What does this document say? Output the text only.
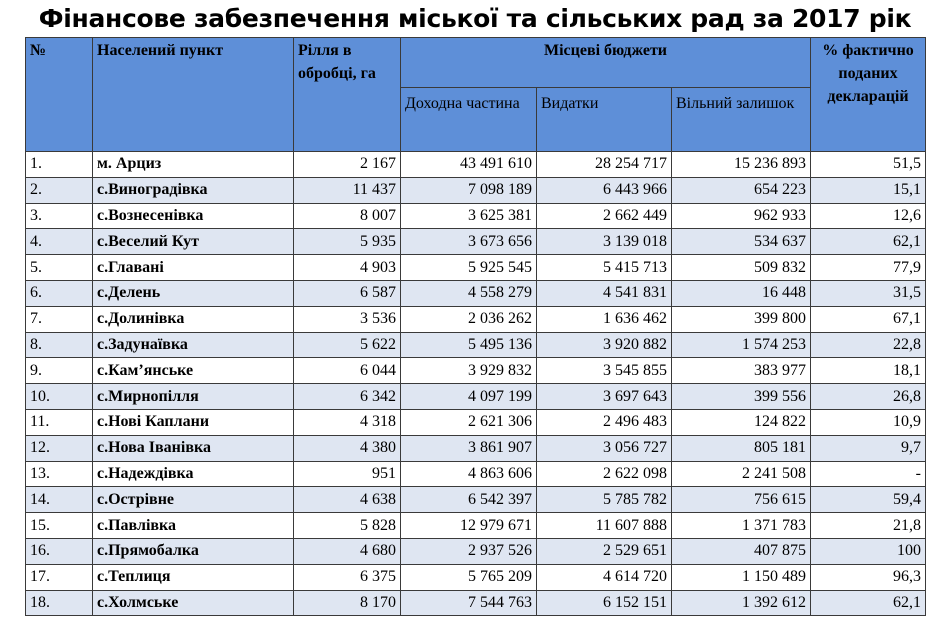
Фінансове забезпечення міської та сільських рад за 2017 рік
№	Населений пункт	Рілля в обробці, га	Місцеві бюджети			% фактично поданих декларацій
			Доходна частина	Видатки	Вільний залишок	
1.	м. Арциз	2 167	43 491 610	28 254 717	15 236 893	51,5
2.	с.Виноградівка	11 437	7 098 189	6 443 966	654 223	15,1
3.	с.Вознесенівка	8 007	3 625 381	2 662 449	962 933	12,6
4.	с.Веселий Кут	5 935	3 673 656	3 139 018	534 637	62,1
5.	с.Главані	4 903	5 925 545	5 415 713	509 832	77,9
6.	с.Делень	6 587	4 558 279	4 541 831	16 448	31,5
7.	с.Долинівка	3 536	2 036 262	1 636 462	399 800	67,1
8.	с.Задунаївка	5 622	5 495 136	3 920 882	1 574 253	22,8
9.	с.Кам’янське	6 044	3 929 832	3 545 855	383 977	18,1
10.	с.Мирнопілля	6 342	4 097 199	3 697 643	399 556	26,8
11.	с.Нові Каплани	4 318	2 621 306	2 496 483	124 822	10,9
12.	с.Нова Іванівка	4 380	3 861 907	3 056 727	805 181	9,7
13.	с.Надеждівка	951	4 863 606	2 622 098	2 241 508	-
14.	с.Острівне	4 638	6 542 397	5 785 782	756 615	59,4
15.	с.Павлівка	5 828	12 979 671	11 607 888	1 371 783	21,8
16.	с.Прямобалка	4 680	2 937 526	2 529 651	407 875	100
17.	с.Теплиця	6 375	5 765 209	4 614 720	1 150 489	96,3
18.	с.Холмське	8 170	7 544 763	6 152 151	1 392 612	62,1
